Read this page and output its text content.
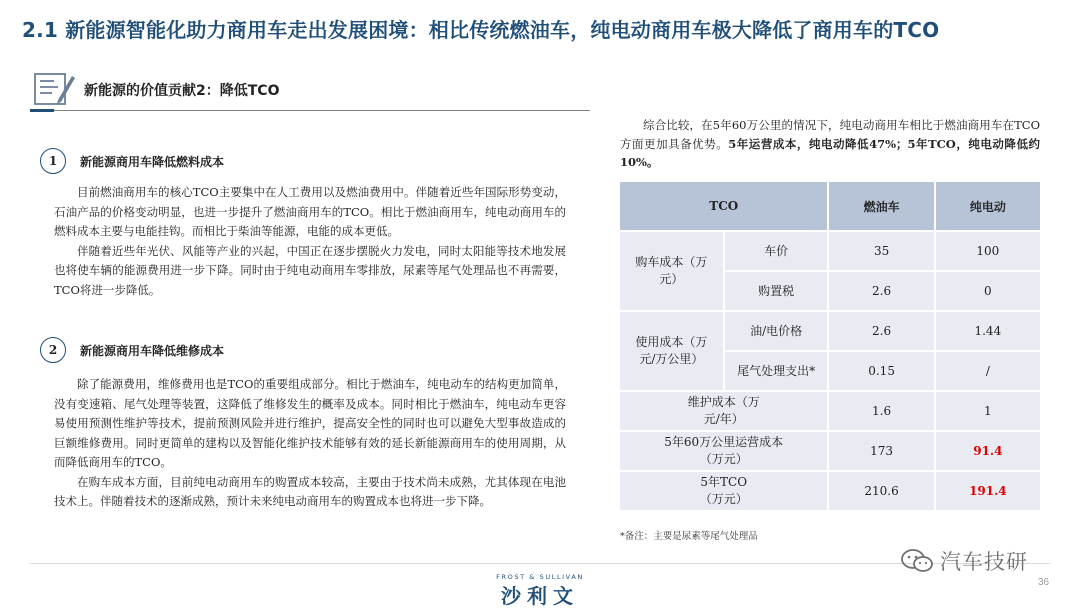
2.1 新能源智能化助力商用车走出发展困境：相比传统燃油车，纯电动商用车极大降低了商用车的TCO
新能源的价值贡献2：降低TCO
1	新能源商用车降低燃料成本

目前燃油商用车的核心TCO主要集中在人工费用以及燃油费用中。伴随着近些年国际形势变动，石油产品的价格变动明显，也进一步提升了燃油商用车的TCO。相比于燃油商用车，纯电动商用车的燃料成本主要与电能挂钩。而相比于柴油等能源，电能的成本更低。

伴随着近些年光伏、风能等产业的兴起，中国正在逐步摆脱火力发电，同时太阳能等技术地发展也将使车辆的能源费用进一步下降。同时由于纯电动商用车零排放，尿素等尾气处理品也不再需要，TCO将进一步降低。

2	新能源商用车降低维修成本

除了能源费用，维修费用也是TCO的重要组成部分。相比于燃油车，纯电动车的结构更加简单，没有变速箱、尾气处理等装置，这降低了维修发生的概率及成本。同时相比于燃油车，纯电动车更容易使用预测性维护等技术，提前预测风险并进行维护，提高安全性的同时也可以避免大型事故造成的巨额维修费用。同时更简单的建构以及智能化维护技术能够有效的延长新能源商用车的使用周期，从而降低商用车的TCO。

在购车成本方面，目前纯电动商用车的购置成本较高，主要由于技术尚未成熟，尤其体现在电池技术上。伴随着技术的逐渐成熟，预计未来纯电动商用车的购置成本也将进一步下降。

综合比较，在5年60万公里的情况下，纯电动商用车相比于燃油商用车在TCO方面更加具备优势。5年运营成本，纯电动降低47%；5年TCO，纯电动降低约10%。
TCO		燃油车	纯电动
购车成本（万元）	车价	35	100
	购置税	2.6	0
使用成本（万元/万公里）	油/电价格	2.6	1.44
	尾气处理支出*	0.15	/
维护成本（万元/年）		1.6	1
5年60万公里运营成本（万元）		173	91.4
5年TCO（万元）		210.6	191.4
*备注：主要是尿素等尾气处理品
FROST & SULLIVAN
沙利文
36
汽车技研
